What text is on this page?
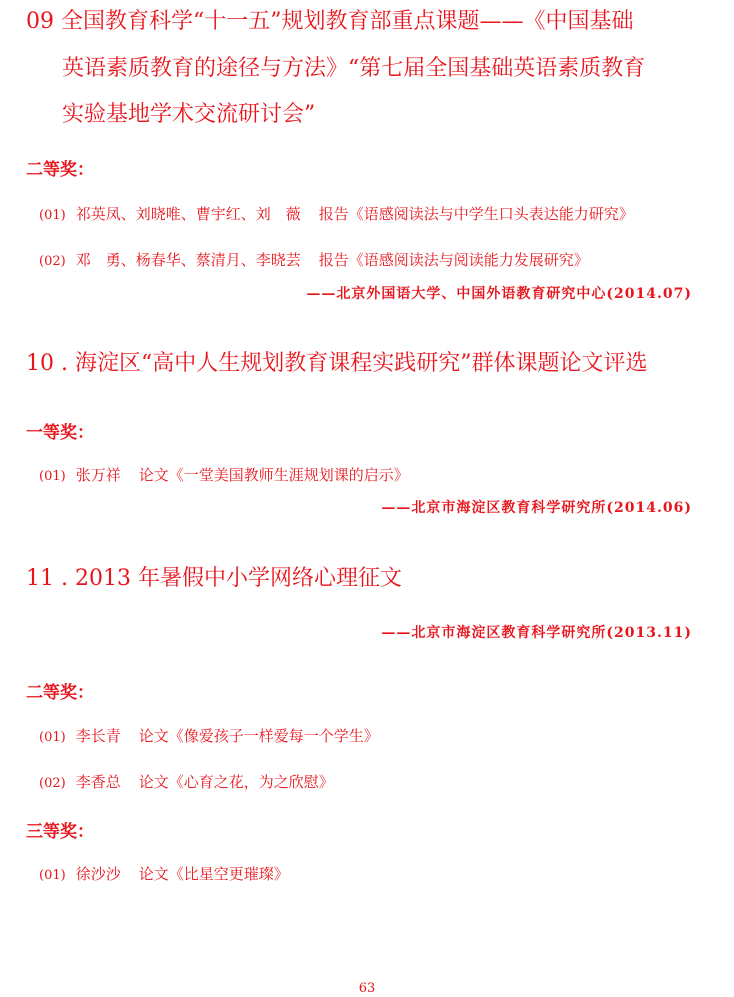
09 全国教育科学“十一五”规划教育部重点课题——《中国基础
英语素质教育的途径与方法》“第七届全国基础英语素质教育
实验基地学术交流研讨会”
二等奖：
(01) 祁英凤、刘晓唯、曹宇红、刘　薇 报告《语感阅读法与中学生口头表达能力研究》
(02) 邓　勇、杨春华、蔡清月、李晓芸 报告《语感阅读法与阅读能力发展研究》
——北京外国语大学、中国外语教育研究中心(2014.07)
10 . 海淀区“高中人生规划教育课程实践研究”群体课题论文评选
一等奖：
(01) 张万祥 论文《一堂美国教师生涯规划课的启示》
——北京市海淀区教育科学研究所(2014.06)
11 . 2013 年暑假中小学网络心理征文
——北京市海淀区教育科学研究所(2013.11)
二等奖：
(01) 李长青 论文《像爱孩子一样爱每一个学生》
(02) 李香总 论文《心育之花，为之欣慰》
三等奖：
(01) 徐沙沙 论文《比星空更璀璨》
63
